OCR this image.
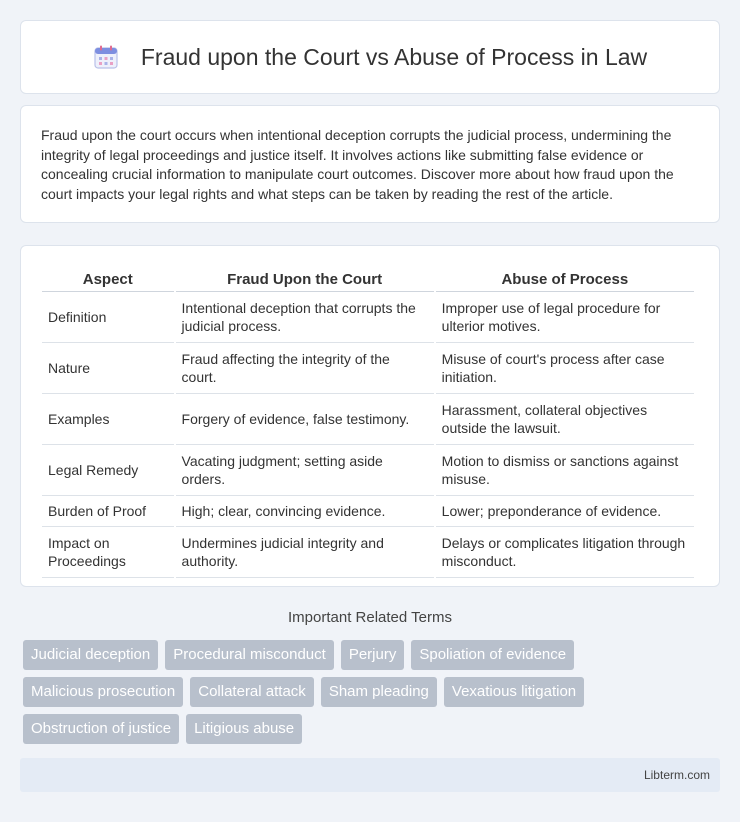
Fraud upon the Court vs Abuse of Process in Law

Fraud upon the court occurs when intentional deception corrupts the judicial process, undermining the integrity of legal proceedings and justice itself. It involves actions like submitting false evidence or concealing crucial information to manipulate court outcomes. Discover more about how fraud upon the court impacts your legal rights and what steps can be taken by reading the rest of the article.

Aspect	Fraud Upon the Court	Abuse of Process
Definition	Intentional deception that corrupts the judicial process.	Improper use of legal procedure for ulterior motives.
Nature	Fraud affecting the integrity of the court.	Misuse of court's process after case initiation.
Examples	Forgery of evidence, false testimony.	Harassment, collateral objectives outside the lawsuit.
Legal Remedy	Vacating judgment; setting aside orders.	Motion to dismiss or sanctions against misuse.
Burden of Proof	High; clear, convincing evidence.	Lower; preponderance of evidence.
Impact on Proceedings	Undermines judicial integrity and authority.	Delays or complicates litigation through misconduct.
Important Related Terms
Judicial deception	Procedural misconduct	Perjury	Spoliation of evidence
Malicious prosecution	Collateral attack	Sham pleading	Vexatious litigation
Obstruction of justice	Litigious abuse
Libterm.com
